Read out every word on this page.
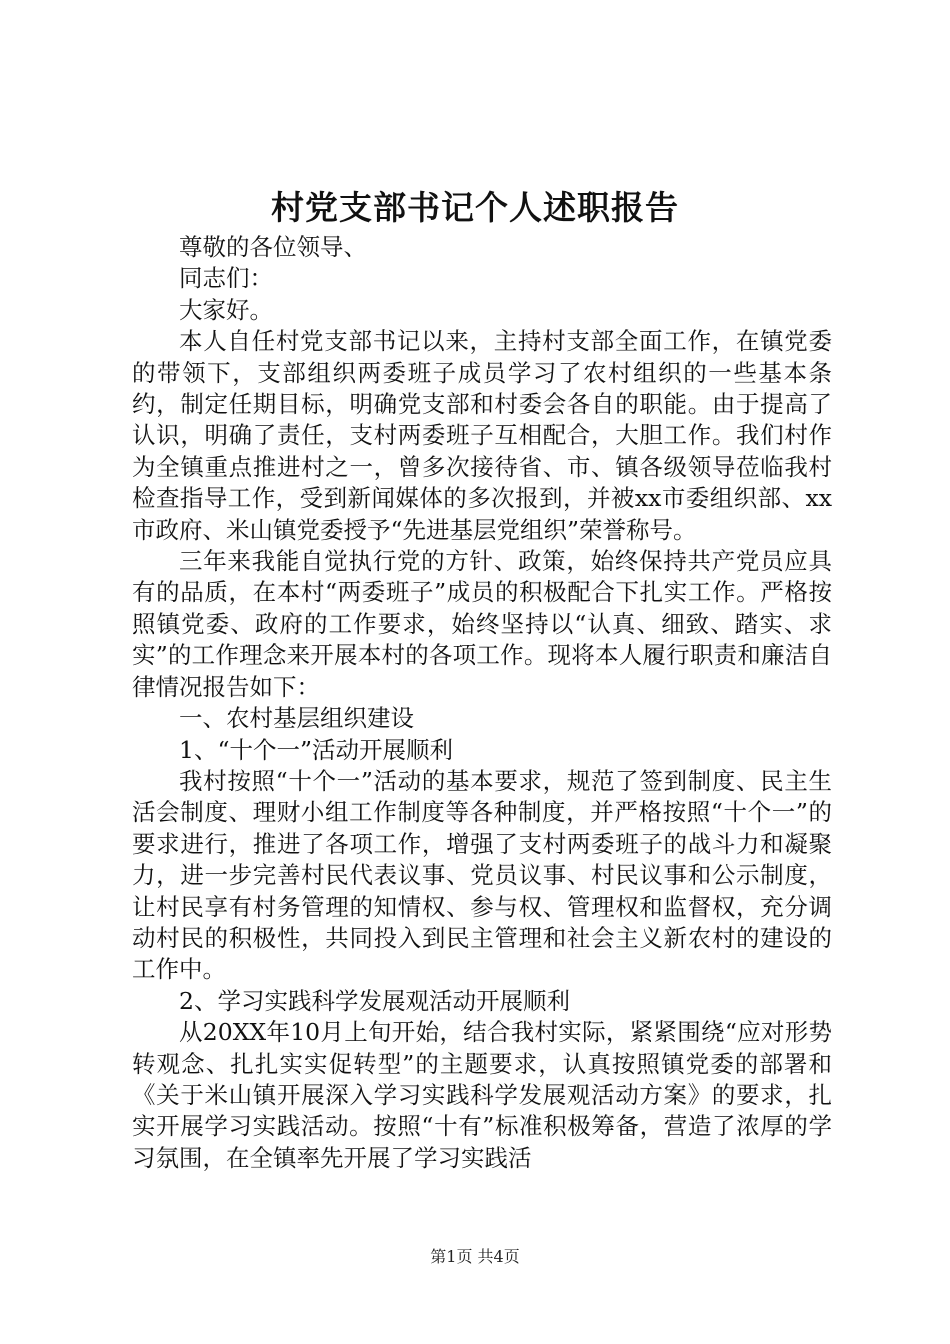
村党支部书记个人述职报告

尊敬的各位领导、

同志们：

大家好。

本人自任村党支部书记以来，主持村支部全面工作，在镇党委的带领下，支部组织两委班子成员学习了农村组织的一些基本条约，制定任期目标，明确党支部和村委会各自的职能。由于提高了认识，明确了责任，支村两委班子互相配合，大胆工作。我们村作为全镇重点推进村之一，曾多次接待省、市、镇各级领导莅临我村检查指导工作，受到新闻媒体的多次报到，并被xx市委组织部、xx市政府、米山镇党委授予“先进基层党组织”荣誉称号。

三年来我能自觉执行党的方针、政策，始终保持共产党员应具有的品质，在本村“两委班子”成员的积极配合下扎实工作。严格按照镇党委、政府的工作要求，始终坚持以“认真、细致、踏实、求实”的工作理念来开展本村的各项工作。现将本人履行职责和廉洁自律情况报告如下：

一、农村基层组织建设

1、“十个一”活动开展顺利

我村按照“十个一”活动的基本要求，规范了签到制度、民主生活会制度、理财小组工作制度等各种制度，并严格按照“十个一”的要求进行，推进了各项工作，增强了支村两委班子的战斗力和凝聚力，进一步完善村民代表议事、党员议事、村民议事和公示制度，让村民享有村务管理的知情权、参与权、管理权和监督权，充分调动村民的积极性，共同投入到民主管理和社会主义新农村的建设的工作中。

2、学习实践科学发展观活动开展顺利

从20XX年10月上旬开始，结合我村实际，紧紧围绕“应对形势转观念、扎扎实实促转型”的主题要求，认真按照镇党委的部署和《关于米山镇开展深入学习实践科学发展观活动方案》的要求，扎实开展学习实践活动。按照“十有”标准积极筹备，营造了浓厚的学习氛围，在全镇率先开展了学习实践活

第1页 共4页
